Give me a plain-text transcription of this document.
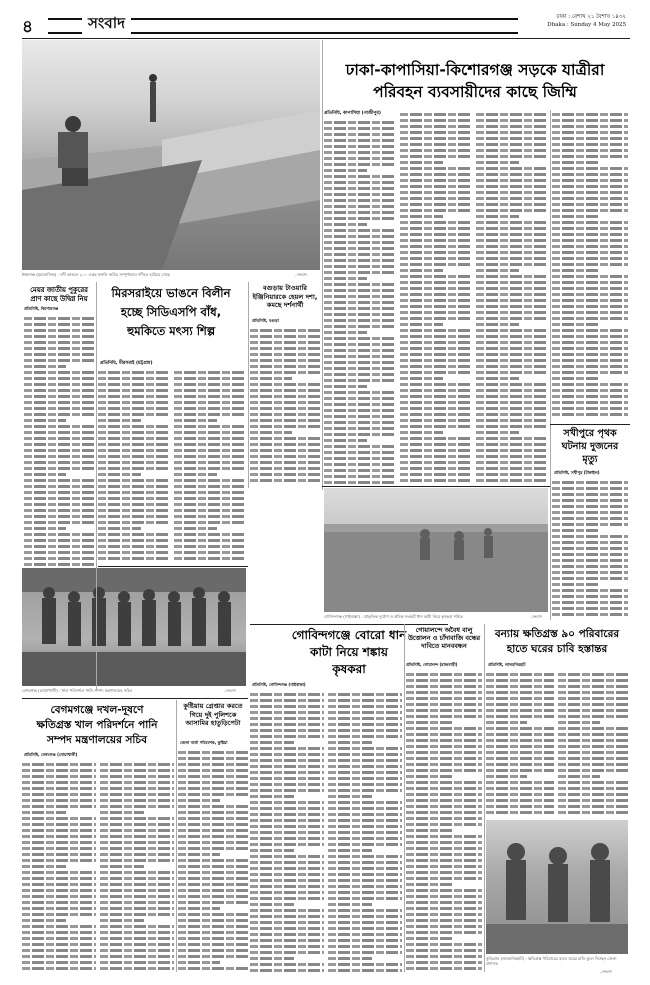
৪	সংবাদ	ঢাকা : বেশাখ ২১ বৈশাখ ১৪৩২
Dhaka : Sunday 4 May 2025
ঈশ্বরগঞ্জ (ময়মনসিংহ) : নদী ভাঙনে ২০০ একর ফসলি জমির সম্পূর্ণভাবে নদীতে হারিয়ে গেছে	–সংবাদ
ঢাকা-কাপাসিয়া-কিশোরগঞ্জ সড়কে যাত্রীরা
পরিবহন ব্যবসায়ীদের কাছে জিম্মি
প্রতিনিধি, কাপাসিয়া (গাজীপুর)
মেয়র জাতীয় পুকুরের প্রাণ কাছে উদ্বিগ্ন নিয়
প্রতিনিধি, কিশোরগঞ্জ
মিরসরাইয়ে ভাঙনে বিলীন
হচ্ছে সিডিএসপি বাঁধ,
হুমকিতে মৎস্য শিল্প
প্রতিনিধি, মীরসরাই (চট্টগ্রাম)
বগুড়ায় টাওয়ারি ইঞ্জিনিয়ারকে হেয়ল দশা, কমছে দর্শনার্থী
প্রতিনিধি, বগুড়া
সখীপুরে পৃথক
ঘটনায় দুজনের
মৃত্যু
প্রতিনিধি, সখীপুর (টাঙ্গাইল)
গোবিন্দগঞ্জ (গাইবান্ধা) : প্রাকৃতিক দুর্যোগ ও শ্রমিক সংকটে ধান কাটা নিয়ে কৃষকরা শঙ্কিত	–সংবাদ
বেগমগঞ্জ (নোয়াখালী) : খাল পরিদর্শনে পানি সম্পদ মন্ত্রণালয়ের সচিব	–সংবাদ
গোবিন্দগঞ্জে বোরো ধান
কাটা নিয়ে শঙ্কায়
কৃষকরা
প্রতিনিধি, গোবিন্দগঞ্জ (গাইবান্ধা)
গোয়ালন্দে অবৈধ বালু উত্তোলন ও চাঁদাবাজি বন্ধের দাবিতে মানববন্ধন
প্রতিনিধি, গোয়ালন্দ (রাজবাড়ী)
বন্যায় ক্ষতিগ্রস্ত ৯০ পরিবারের
হাতে ঘরের চাবি হস্তান্তর
প্রতিনিধি, লালমনিরহাট
কুড়িগ্রাম (লালমনিরহাট) : ক্ষতিগ্রস্ত পরিবারের হাতে ঘরের চাবি তুলে দিচ্ছেন জেলা প্রশাসক
–সংবাদ
বেগমগঞ্জে দখল-দূষণে
ক্ষতিগ্রস্ত খাল পরিদর্শনে পানি
সম্পদ মন্ত্রণালয়ের সচিব
প্রতিনিধি, বেগমগঞ্জ (নোয়াখালী)
কুষ্টিয়ায় গ্রেপ্তার করতে গিয়ে দুই পুলিশকে আসামির হাতুড়িপেটা
জেলা বার্তা পরিবেশক, কুষ্টিয়া
